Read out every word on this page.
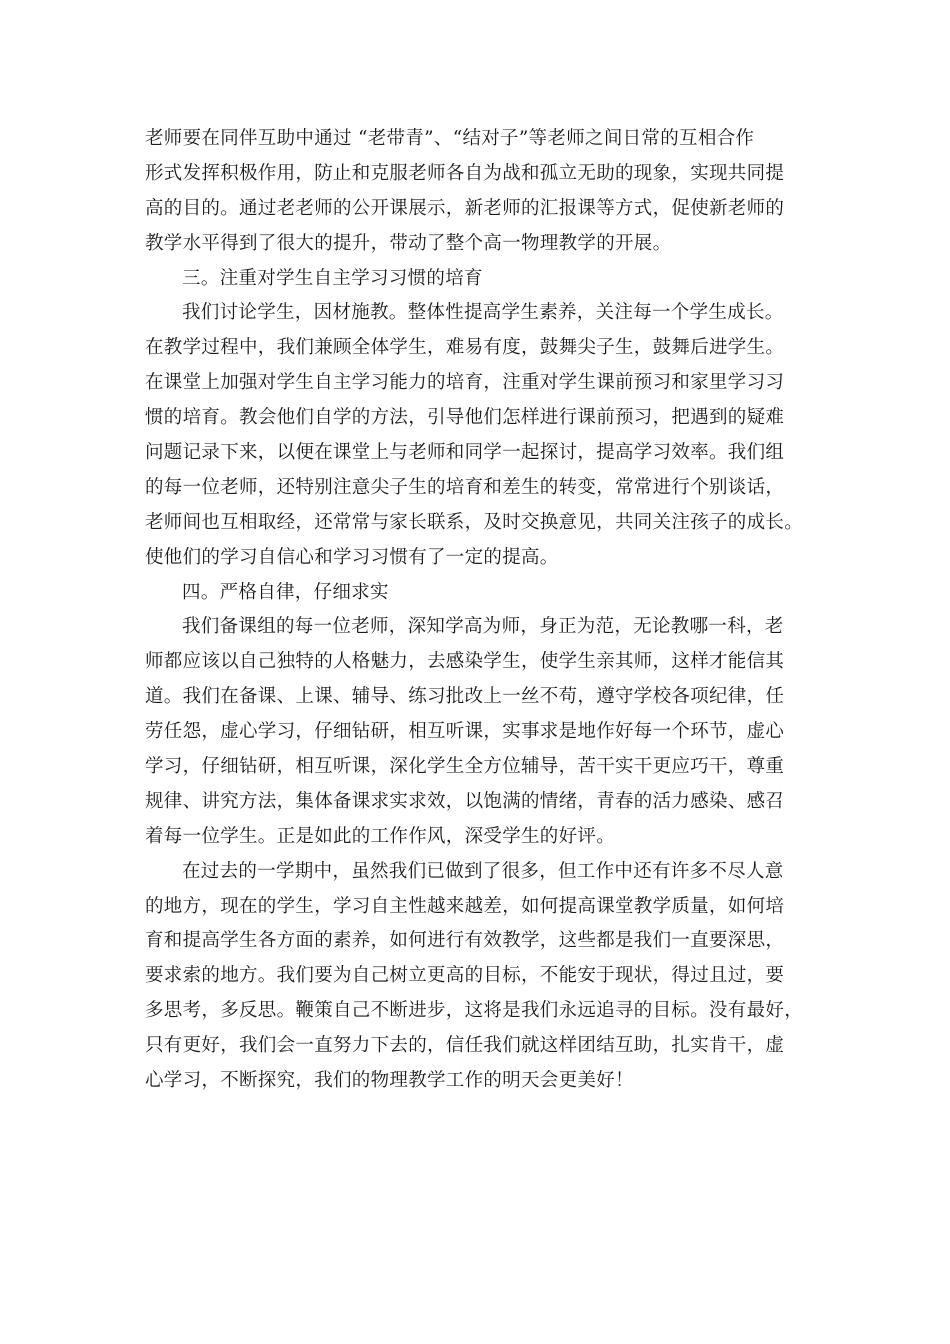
老师要在同伴互助中通过 “老带青”、“结对子”等老师之间日常的互相合作
形式发挥积极作用，防止和克服老师各自为战和孤立无助的现象，实现共同提
高的目的。通过老老师的公开课展示，新老师的汇报课等方式，促使新老师的
教学水平得到了很大的提升，带动了整个高一物理教学的开展。
三。注重对学生自主学习习惯的培育
我们讨论学生，因材施教。整体性提高学生素养，关注每一个学生成长。
在教学过程中，我们兼顾全体学生，难易有度，鼓舞尖子生，鼓舞后进学生。
在课堂上加强对学生自主学习能力的培育，注重对学生课前预习和家里学习习
惯的培育。教会他们自学的方法，引导他们怎样进行课前预习，把遇到的疑难
问题记录下来，以便在课堂上与老师和同学一起探讨，提高学习效率。我们组
的每一位老师，还特别注意尖子生的培育和差生的转变，常常进行个别谈话，
老师间也互相取经，还常常与家长联系，及时交换意见，共同关注孩子的成长。
使他们的学习自信心和学习习惯有了一定的提高。
四。严格自律，仔细求实
我们备课组的每一位老师，深知学高为师，身正为范，无论教哪一科，老
师都应该以自己独特的人格魅力，去感染学生，使学生亲其师，这样才能信其
道。我们在备课、上课、辅导、练习批改上一丝不苟，遵守学校各项纪律，任
劳任怨，虚心学习，仔细钻研，相互听课，实事求是地作好每一个环节，虚心
学习，仔细钻研，相互听课，深化学生全方位辅导，苦干实干更应巧干，尊重
规律、讲究方法，集体备课求实求效，以饱满的情绪，青春的活力感染、感召
着每一位学生。正是如此的工作作风，深受学生的好评。
在过去的一学期中，虽然我们已做到了很多，但工作中还有许多不尽人意
的地方，现在的学生，学习自主性越来越差，如何提高课堂教学质量，如何培
育和提高学生各方面的素养，如何进行有效教学，这些都是我们一直要深思，
要求索的地方。我们要为自己树立更高的目标，不能安于现状，得过且过，要
多思考，多反思。鞭策自己不断进步，这将是我们永远追寻的目标。没有最好，
只有更好，我们会一直努力下去的，信任我们就这样团结互助，扎实肯干，虚
心学习，不断探究，我们的物理教学工作的明天会更美好！
